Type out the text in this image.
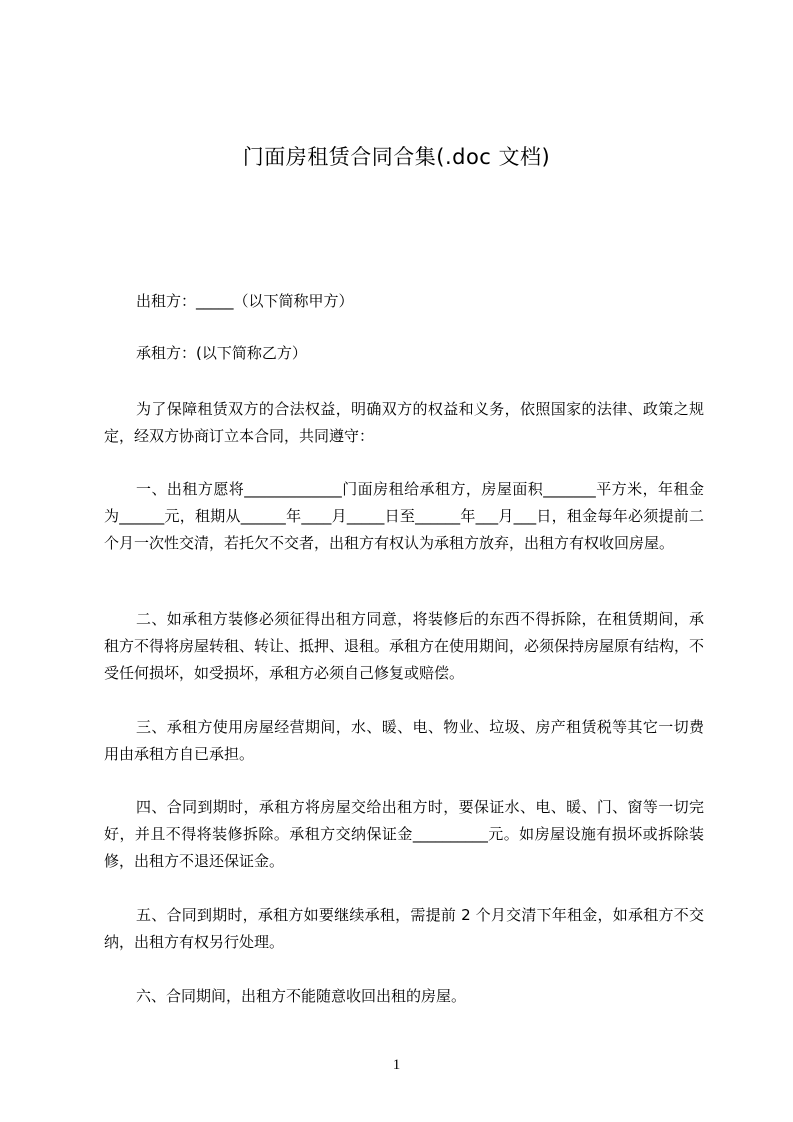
门面房租赁合同合集(.doc 文档)

出租方：_____（以下简称甲方）

承租方：(以下简称乙方）

为了保障租赁双方的合法权益，明确双方的权益和义务，依照国家的法律、政策之规定，经双方协商订立本合同，共同遵守：

一、出租方愿将_____________门面房租给承租方，房屋面积_______平方米，年租金为______元，租期从______年____月_____日至______年___月___日，租金每年必须提前二个月一次性交清，若托欠不交者，出租方有权认为承租方放弃，出租方有权收回房屋。

二、如承租方装修必须征得出租方同意，将装修后的东西不得拆除，在租赁期间，承租方不得将房屋转租、转让、抵押、退租。承租方在使用期间，必须保持房屋原有结构，不受任何损坏，如受损坏，承租方必须自己修复或赔偿。

三、承租方使用房屋经营期间，水、暖、电、物业、垃圾、房产租赁税等其它一切费用由承租方自已承担。

四、合同到期时，承租方将房屋交给出租方时，要保证水、电、暖、门、窗等一切完好，并且不得将装修拆除。承租方交纳保证金__________元。如房屋设施有损坏或拆除装修，出租方不退还保证金。

五、合同到期时，承租方如要继续承租，需提前 2 个月交清下年租金，如承租方不交纳，出租方有权另行处理。

六、合同期间，出租方不能随意收回出租的房屋。

1
